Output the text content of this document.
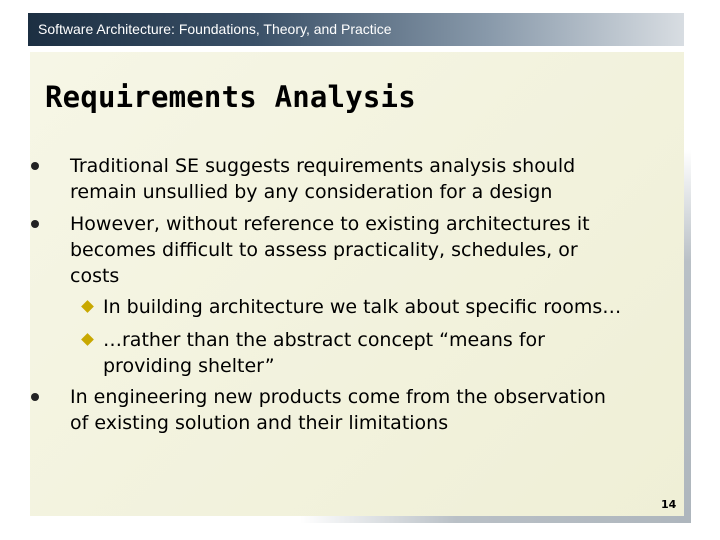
Software Architecture: Foundations, Theory, and Practice
Requirements Analysis
Traditional SE suggests requirements analysis should
remain unsullied by any consideration for a design
However, without reference to existing architectures it
becomes difficult to assess practicality, schedules, or
costs
In building architecture we talk about specific rooms…
…rather than the abstract concept “means for
providing shelter”
In engineering new products come from the observation
of existing solution and their limitations
14
